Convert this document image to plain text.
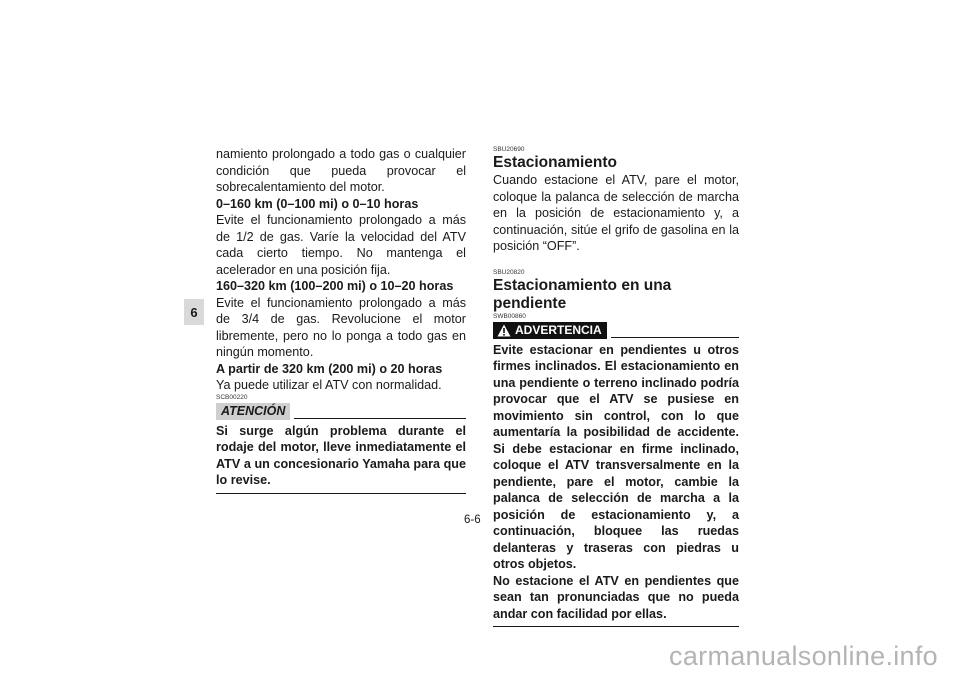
6

namiento prolongado a todo gas o cualquier condición que pueda provocar el sobrecalentamiento del motor.

0–160 km (0–100 mi) o 0–10 horas

Evite el funcionamiento prolongado a más de 1/2 de gas. Varíe la velocidad del ATV cada cierto tiempo. No mantenga el acelerador en una posición fija.

160–320 km (100–200 mi) o 10–20 horas

Evite el funcionamiento prolongado a más de 3/4 de gas. Revolucione el motor libremente, pero no lo ponga a todo gas en ningún momento.

A partir de 320 km (200 mi) o 20 horas

Ya puede utilizar el ATV con normalidad.

SCB00220
ATENCIÓN

Si surge algún problema durante el rodaje del motor, lleve inmediatamente el ATV a un concesionario Yamaha para que lo revise.

SBU20690
Estacionamiento

Cuando estacione el ATV, pare el motor, coloque la palanca de selección de marcha en la posición de estacionamiento y, a continuación, sitúe el grifo de gasolina en la posición “OFF”.

SBU20820
Estacionamiento en una pendiente
SWB00860
ADVERTENCIA

Evite estacionar en pendientes u otros firmes inclinados. El estacionamiento en una pendiente o terreno inclinado podría provocar que el ATV se pusiese en movimiento sin control, con lo que aumentaría la posibilidad de accidente. Si debe estacionar en firme inclinado, coloque el ATV transversalmente en la pendiente, pare el motor, cambie la palanca de selección de marcha a la posición de estacionamiento y, a continuación, bloquee las ruedas delanteras y traseras con piedras u otros objetos.

No estacione el ATV en pendientes que sean tan pronunciadas que no pueda andar con facilidad por ellas.

6-6
carmanualsonline.info
